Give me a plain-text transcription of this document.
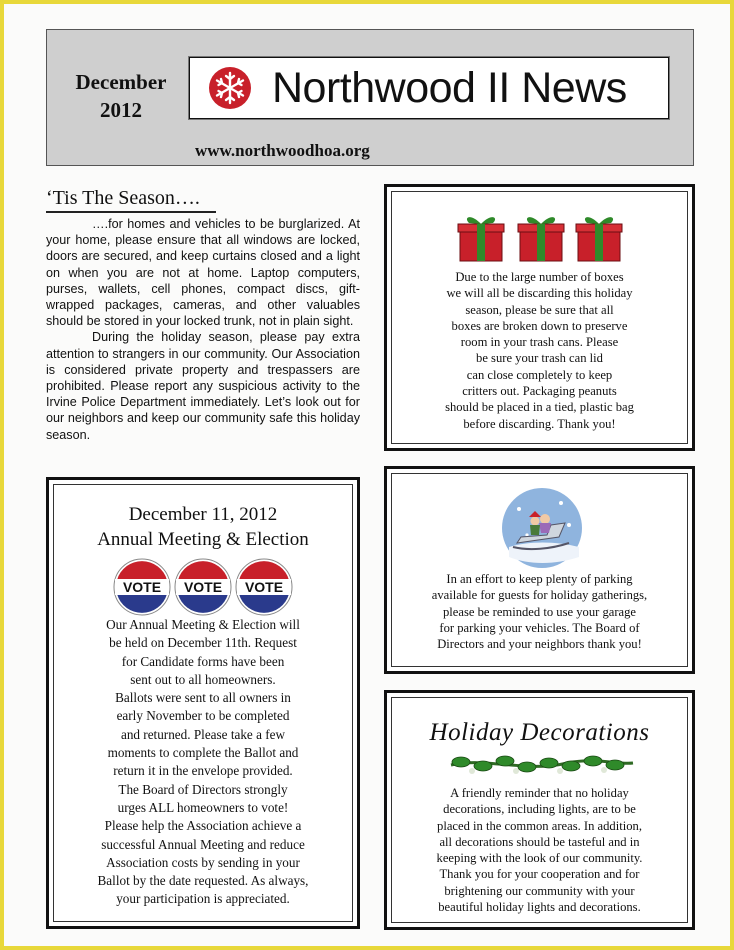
December
2012	Northwood II News
www.northwoodhoa.org
‘Tis The Season….

….for homes and vehicles to be burglarized. At your home, please ensure that all windows are locked, doors are secured, and keep curtains closed and a light on when you are not at home. Laptop computers, purses, wallets, cell phones, compact discs, gift-wrapped packages, cameras, and other valuables should be stored in your locked trunk, not in plain sight.

During the holiday season, please pay extra attention to strangers in our community. Our Association is considered private property and trespassers are prohibited. Please report any suspicious activity to the Irvine Police Department immediately. Let’s look out for our neighbors and keep our community safe this holiday season.

December 11, 2012
Annual Meeting & Election
VOTE VOTE VOTE
Our Annual Meeting & Election will
be held on December 11th. Request
for Candidate forms have been
sent out to all homeowners.
Ballots were sent to all owners in
early November to be completed
and returned. Please take a few
moments to complete the Ballot and
return it in the envelope provided.
The Board of Directors strongly
urges ALL homeowners to vote!
Please help the Association achieve a
successful Annual Meeting and reduce
Association costs by sending in your
Ballot by the date requested. As always,
your participation is appreciated.
Due to the large number of boxes
we will all be discarding this holiday
season, please be sure that all
boxes are broken down to preserve
room in your trash cans. Please
be sure your trash can lid
can close completely to keep
critters out. Packaging peanuts
should be placed in a tied, plastic bag
before discarding. Thank you!
In an effort to keep plenty of parking
available for guests for holiday gatherings,
please be reminded to use your garage
for parking your vehicles. The Board of
Directors and your neighbors thank you!
Holiday Decorations
A friendly reminder that no holiday
decorations, including lights, are to be
placed in the common areas. In addition,
all decorations should be tasteful and in
keeping with the look of our community.
Thank you for your cooperation and for
brightening our community with your
beautiful holiday lights and decorations.
